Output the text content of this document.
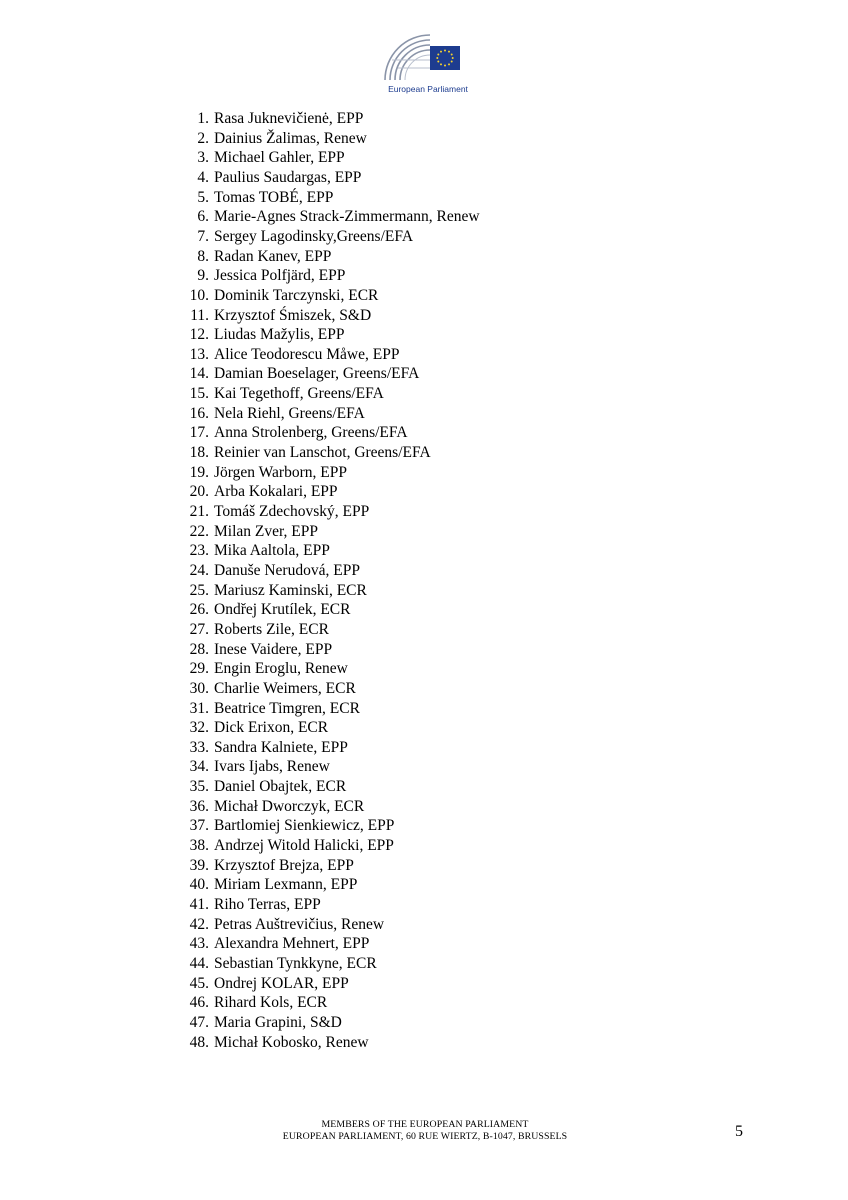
European Parliament
1. Rasa Juknevičienė, EPP
2. Dainius Žalimas, Renew
3. Michael Gahler, EPP
4. Paulius Saudargas, EPP
5. Tomas TOBÉ, EPP
6. Marie-Agnes Strack-Zimmermann, Renew
7. Sergey Lagodinsky,Greens/EFA
8. Radan Kanev, EPP
9. Jessica Polfjärd, EPP
10. Dominik Tarczynski, ECR
11. Krzysztof Śmiszek, S&D
12. Liudas Mažylis, EPP
13. Alice Teodorescu Måwe, EPP
14. Damian Boeselager, Greens/EFA
15. Kai Tegethoff, Greens/EFA
16. Nela Riehl, Greens/EFA
17. Anna Strolenberg, Greens/EFA
18. Reinier van Lanschot, Greens/EFA
19. Jörgen Warborn, EPP
20. Arba Kokalari, EPP
21. Tomáš Zdechovský, EPP
22. Milan Zver, EPP
23. Mika Aaltola, EPP
24. Danuše Nerudová, EPP
25. Mariusz Kaminski, ECR
26. Ondřej Krutílek, ECR
27. Roberts Zile, ECR
28. Inese Vaidere, EPP
29. Engin Eroglu, Renew
30. Charlie Weimers, ECR
31. Beatrice Timgren, ECR
32. Dick Erixon, ECR
33. Sandra Kalniete, EPP
34. Ivars Ijabs, Renew
35. Daniel Obajtek, ECR
36. Michał Dworczyk, ECR
37. Bartlomiej Sienkiewicz, EPP
38. Andrzej Witold Halicki, EPP
39. Krzysztof Brejza, EPP
40. Miriam Lexmann, EPP
41. Riho Terras, EPP
42. Petras Auštrevičius, Renew
43. Alexandra Mehnert, EPP
44. Sebastian Tynkkyne, ECR
45. Ondrej KOLAR, EPP
46. Rihard Kols, ECR
47. Maria Grapini, S&D
48. Michał Kobosko, Renew
MEMBERS OF THE EUROPEAN PARLIAMENT
EUROPEAN PARLIAMENT, 60 RUE WIERTZ, B-1047, BRUSSELS	5
